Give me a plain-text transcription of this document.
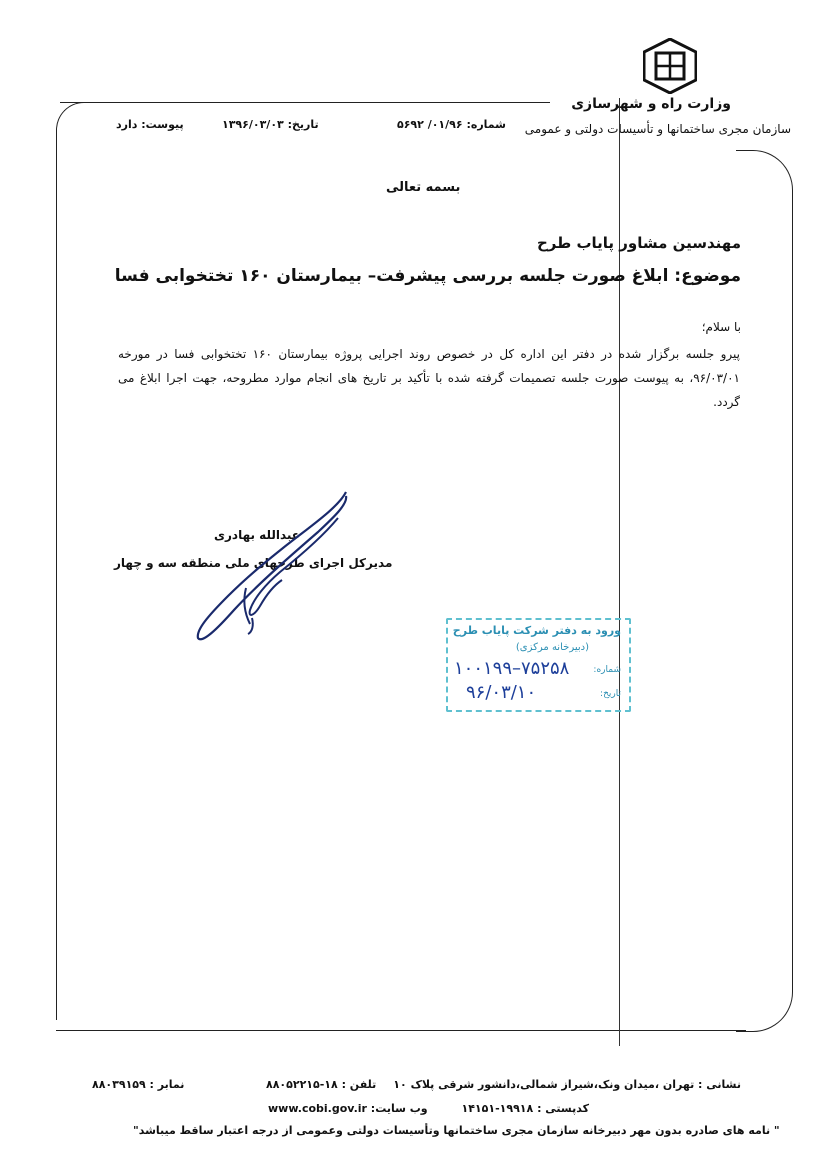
وزارت راه و شهرسازی
سازمان مجری ساختمانها و تأسیسات دولتی و عمومی
شماره: ۰۱/۹۶/ ۵۶۹۲
تاریخ: ۱۳۹۶/۰۳/۰۳
پیوست: دارد
بسمه تعالی
مهندسین مشاور پایاب طرح
موضوع: ابلاغ صورت جلسه بررسی پیشرفت– بیمارستان ۱۶۰ تختخوابی فسا
با سلام؛
پیرو جلسه برگزار شده در دفتر این اداره کل در خصوص روند اجرایی پروژه بیمارستان ۱۶۰ تختخوابی فسا در مورخه ۹۶/۰۳/۰۱، به پیوست صورت جلسه تصمیمات گرفته شده با تأکید بر تاریخ های انجام موارد مطروحه، جهت اجرا ابلاغ می گردد.
عبدالله بهادری
مدیرکل اجرای طرحهای ملی منطقه سه و چهار
ورود به دفتر شرکت پایاب طرح
(دبیرخانه مرکزی)
شماره:
۱۰۰۱۹۹–۷۵۲۵۸
تاریخ:
۹۶/۰۳/۱۰
نشانی : تهران ،میدان ونک،شیراز شمالی،دانشور شرقی پلاک ۱۰
تلفن : ۱۸-۸۸۰۵۲۲۱۵
نمابر : ۸۸۰۳۹۱۵۹
کدپستی : ۱۹۹۱۸-۱۴۱۵۱
www.cobi.gov.ir وب سایت:
" نامه های صادره بدون مهر دبیرخانه سازمان مجری ساختمانها وتأسیسات دولتی وعمومی از درجه اعتبار ساقط میباشد"
